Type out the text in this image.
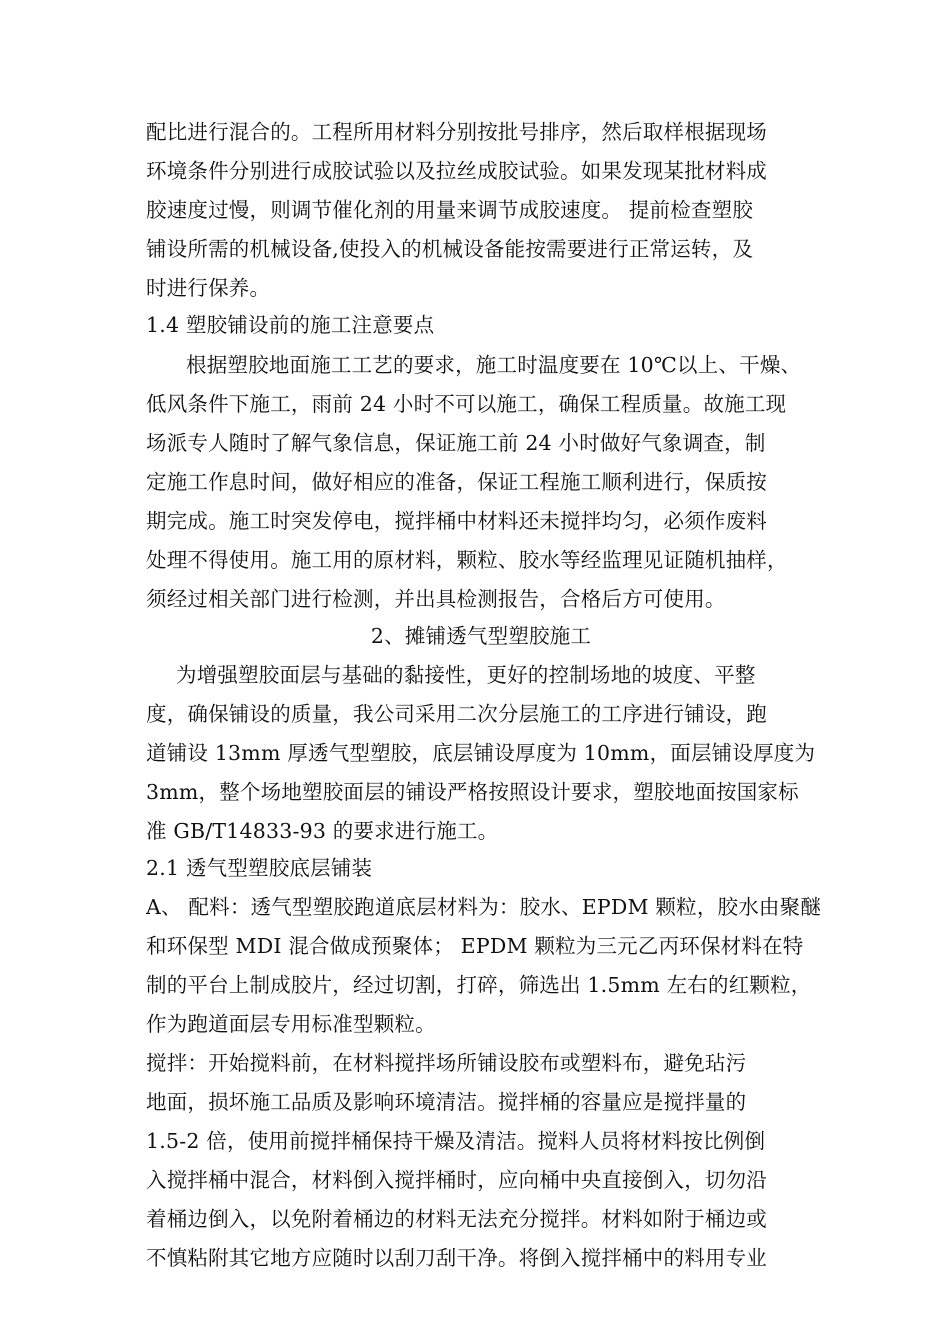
配比进行混合的。工程所用材料分别按批号排序，然后取样根据现场
环境条件分别进行成胶试验以及拉丝成胶试验。如果发现某批材料成
胶速度过慢，则调节催化剂的用量来调节成胶速度。 提前检查塑胶
铺设所需的机械设备,使投入的机械设备能按需要进行正常运转，及
时进行保养。
1.4 塑胶铺设前的施工注意要点
根据塑胶地面施工工艺的要求，施工时温度要在 10℃以上、干燥、
低风条件下施工，雨前 24 小时不可以施工，确保工程质量。故施工现
场派专人随时了解气象信息，保证施工前 24 小时做好气象调查，制
定施工作息时间，做好相应的准备，保证工程施工顺利进行，保质按
期完成。施工时突发停电，搅拌桶中材料还未搅拌均匀，必须作废料
处理不得使用。施工用的原材料，颗粒、胶水等经监理见证随机抽样，
须经过相关部门进行检测，并出具检测报告，合格后方可使用。
2、摊铺透气型塑胶施工
为增强塑胶面层与基础的黏接性，更好的控制场地的坡度、平整
度，确保铺设的质量，我公司采用二次分层施工的工序进行铺设，跑
道铺设 13mm 厚透气型塑胶，底层铺设厚度为 10mm，面层铺设厚度为
3mm，整个场地塑胶面层的铺设严格按照设计要求，塑胶地面按国家标
准 GB/T14833-93 的要求进行施工。
2.1 透气型塑胶底层铺装
A、 配料：透气型塑胶跑道底层材料为：胶水、EPDM 颗粒，胶水由聚醚
和环保型 MDI 混合做成预聚体； EPDM 颗粒为三元乙丙环保材料在特
制的平台上制成胶片，经过切割，打碎，筛选出 1.5mm 左右的红颗粒，
作为跑道面层专用标准型颗粒。
搅拌：开始搅料前，在材料搅拌场所铺设胶布或塑料布，避免玷污
地面，损坏施工品质及影响环境清洁。搅拌桶的容量应是搅拌量的
1.5-2 倍，使用前搅拌桶保持干燥及清洁。搅料人员将材料按比例倒
入搅拌桶中混合，材料倒入搅拌桶时，应向桶中央直接倒入，切勿沿
着桶边倒入，以免附着桶边的材料无法充分搅拌。材料如附于桶边或
不慎粘附其它地方应随时以刮刀刮干净。将倒入搅拌桶中的料用专业
